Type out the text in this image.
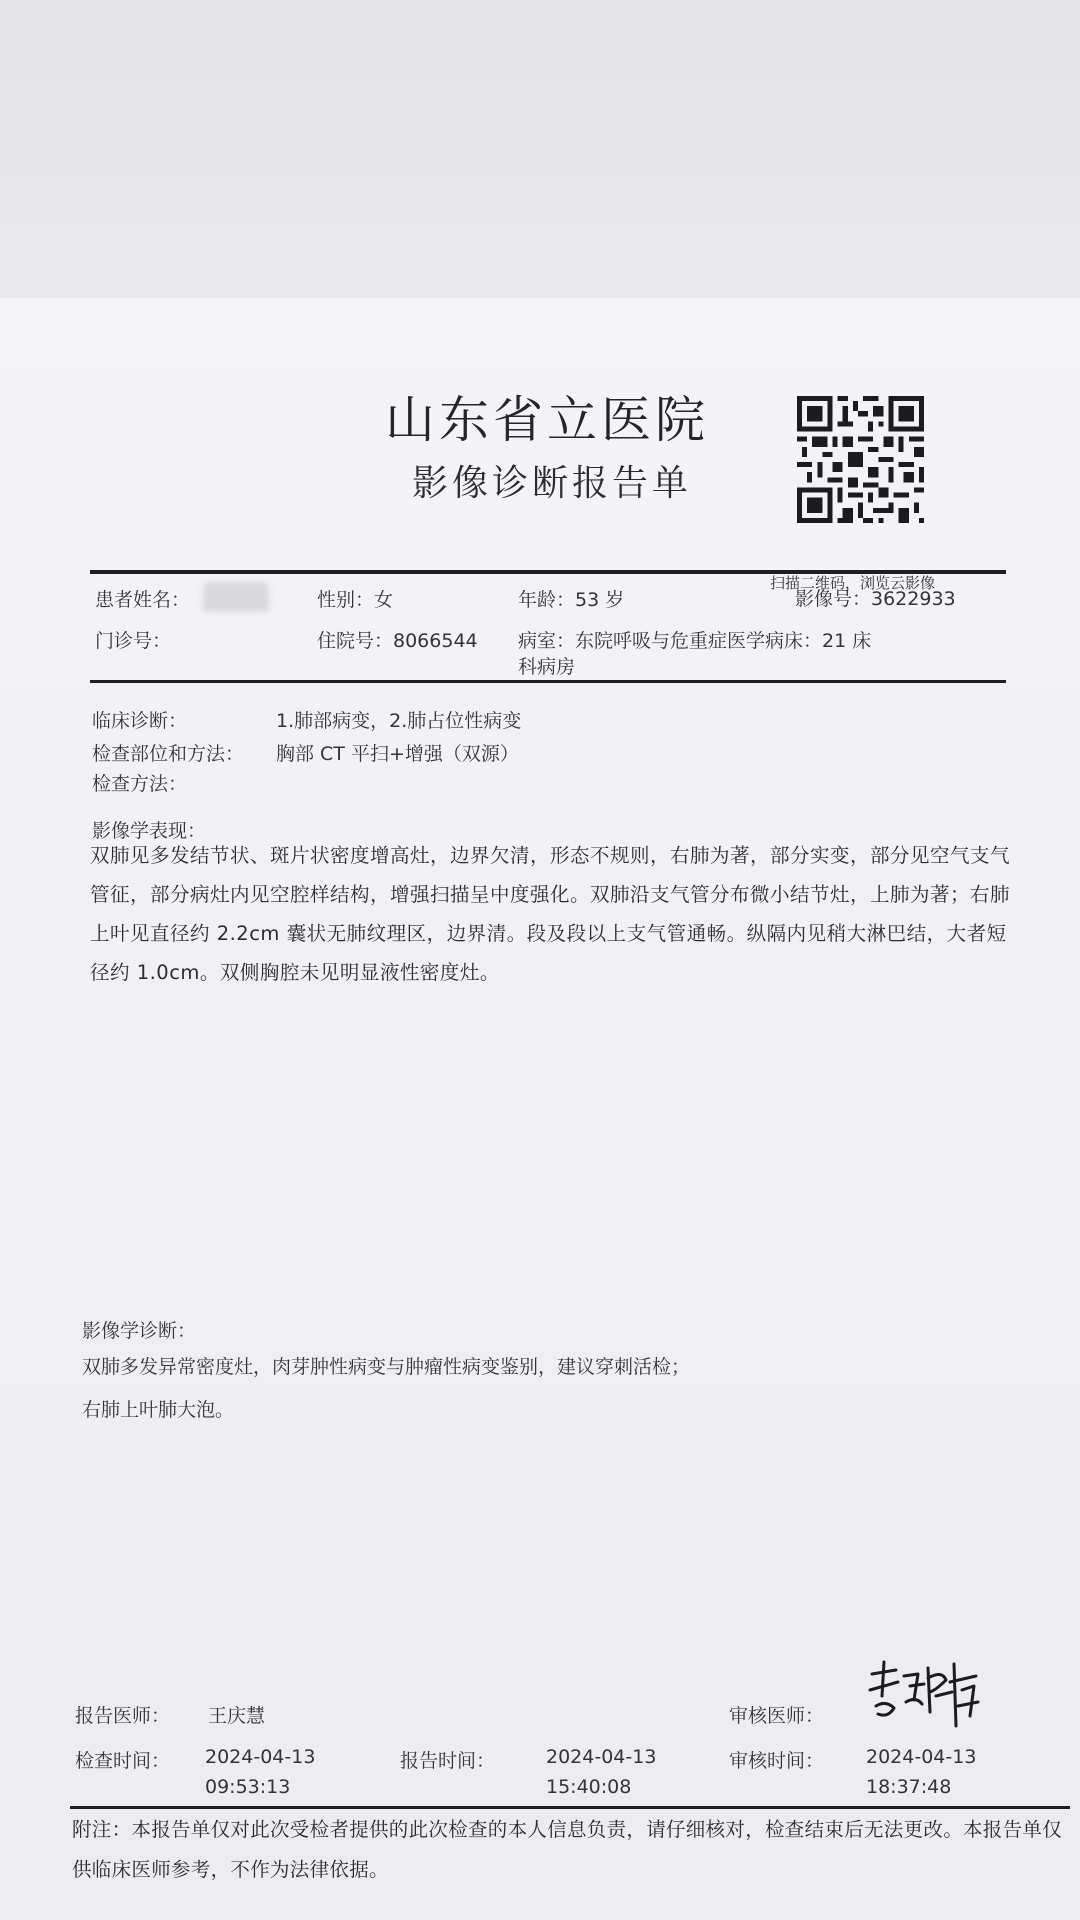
山东省立医院
影像诊断报告单
患者姓名：	性别：女	年龄：53 岁
扫描二维码，浏览云影像
影像号：3622933
门诊号：	住院号：8066544 病室：东院呼吸与危重症医学病床：21 床
科病房
临床诊断：	1.肺部病变，2.肺占位性病变
检查部位和方法： 胸部 CT 平扫+增强（双源）
检查方法：
影像学表现：
双肺见多发结节状、斑片状密度增高灶，边界欠清，形态不规则，右肺为著，部分实变，部分见空气支气管征，部分病灶内见空腔样结构，增强扫描呈中度强化。双肺沿支气管分布微小结节灶，上肺为著；右肺上叶见直径约 2.2cm 囊状无肺纹理区，边界清。段及段以上支气管通畅。纵隔内见稍大淋巴结，大者短径约 1.0cm。双侧胸腔未见明显液性密度灶。
影像学诊断：
双肺多发异常密度灶，肉芽肿性病变与肿瘤性病变鉴别，建议穿刺活检；
右肺上叶肺大泡。
报告医师： 王庆慧	审核医师：
检查时间： 2024-04-13
09:53:13
报告时间：	2024-04-13
15:40:08
审核时间： 2024-04-13
18:37:48
附注：本报告单仅对此次受检者提供的此次检查的本人信息负责，请仔细核对，检查结束后无法更改。本报告单仅供临床医师参考，不作为法律依据。
